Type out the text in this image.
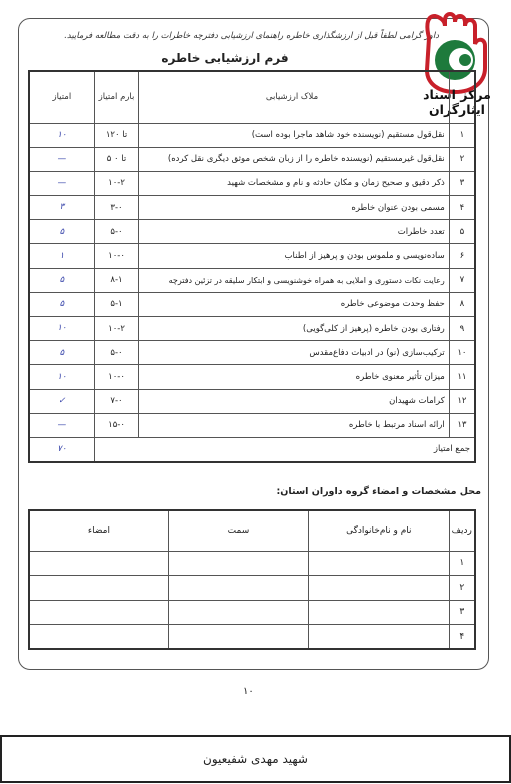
داور گرامی لطفاً قبل از ارزشگذاری خاطره راهنمای ارزشیابی دفترچه خاطرات را به دقت مطالعه فرمایید.
مرکز اسناد ایثارگران
فرم ارزشیابی خاطره
	ملاک ارزشیابی	بارم امتیاز	امتیاز
۱	نقل‌قول مستقیم (نویسنده خود شاهد ماجرا بوده است)	۱۲تا ۰	۱۰
۲	نقل‌قول غیرمستقیم (نویسنده خاطره را از زبان شخص موثق دیگری نقل کرده)	۵ تا ۰	—
۳	ذکر دقیق و صحیح زمان و مکان حادثه و نام و مشخصات شهید	۱۰-۲	—
۴	مسمی بودن عنوان خاطره	۳-۰	۳
۵	تعدد خاطرات	۵-۰	۵
۶	ساده‌نویسی و ملموس بودن و پرهیز از اطناب	۱۰-۰	۱
۷	رعایت نکات دستوری و املایی به همراه خوشنویسی و ابتکار سلیقه در تزئین دفترچه	۸-۱	۵
۸	حفظ وحدت موضوعی خاطره	۵-۱	۵
۹	رفتاری بودن خاطره (پرهیز از کلی‌گویی)	۱۰-۲	۱۰
۱۰	ترکیب‌سازی (نو) در ادبیات دفاع‌مقدس	۵-۰	۵
۱۱	میزان تأثیر معنوی خاطره	۱۰-۰	۱۰
۱۲	کرامات شهیدان	۷-۰	✓
۱۳	ارائه اسناد مرتبط با خاطره	۱۵-۰	—
جمع امتیاز			۷۰
محل مشخصات و امضاء گروه داوران استان:
ردیف	نام و نام‌خانوادگی	سمت	امضاء
۱			
۲			
۳			
۴			
۱۰
شهید مهدی شفیعیون
